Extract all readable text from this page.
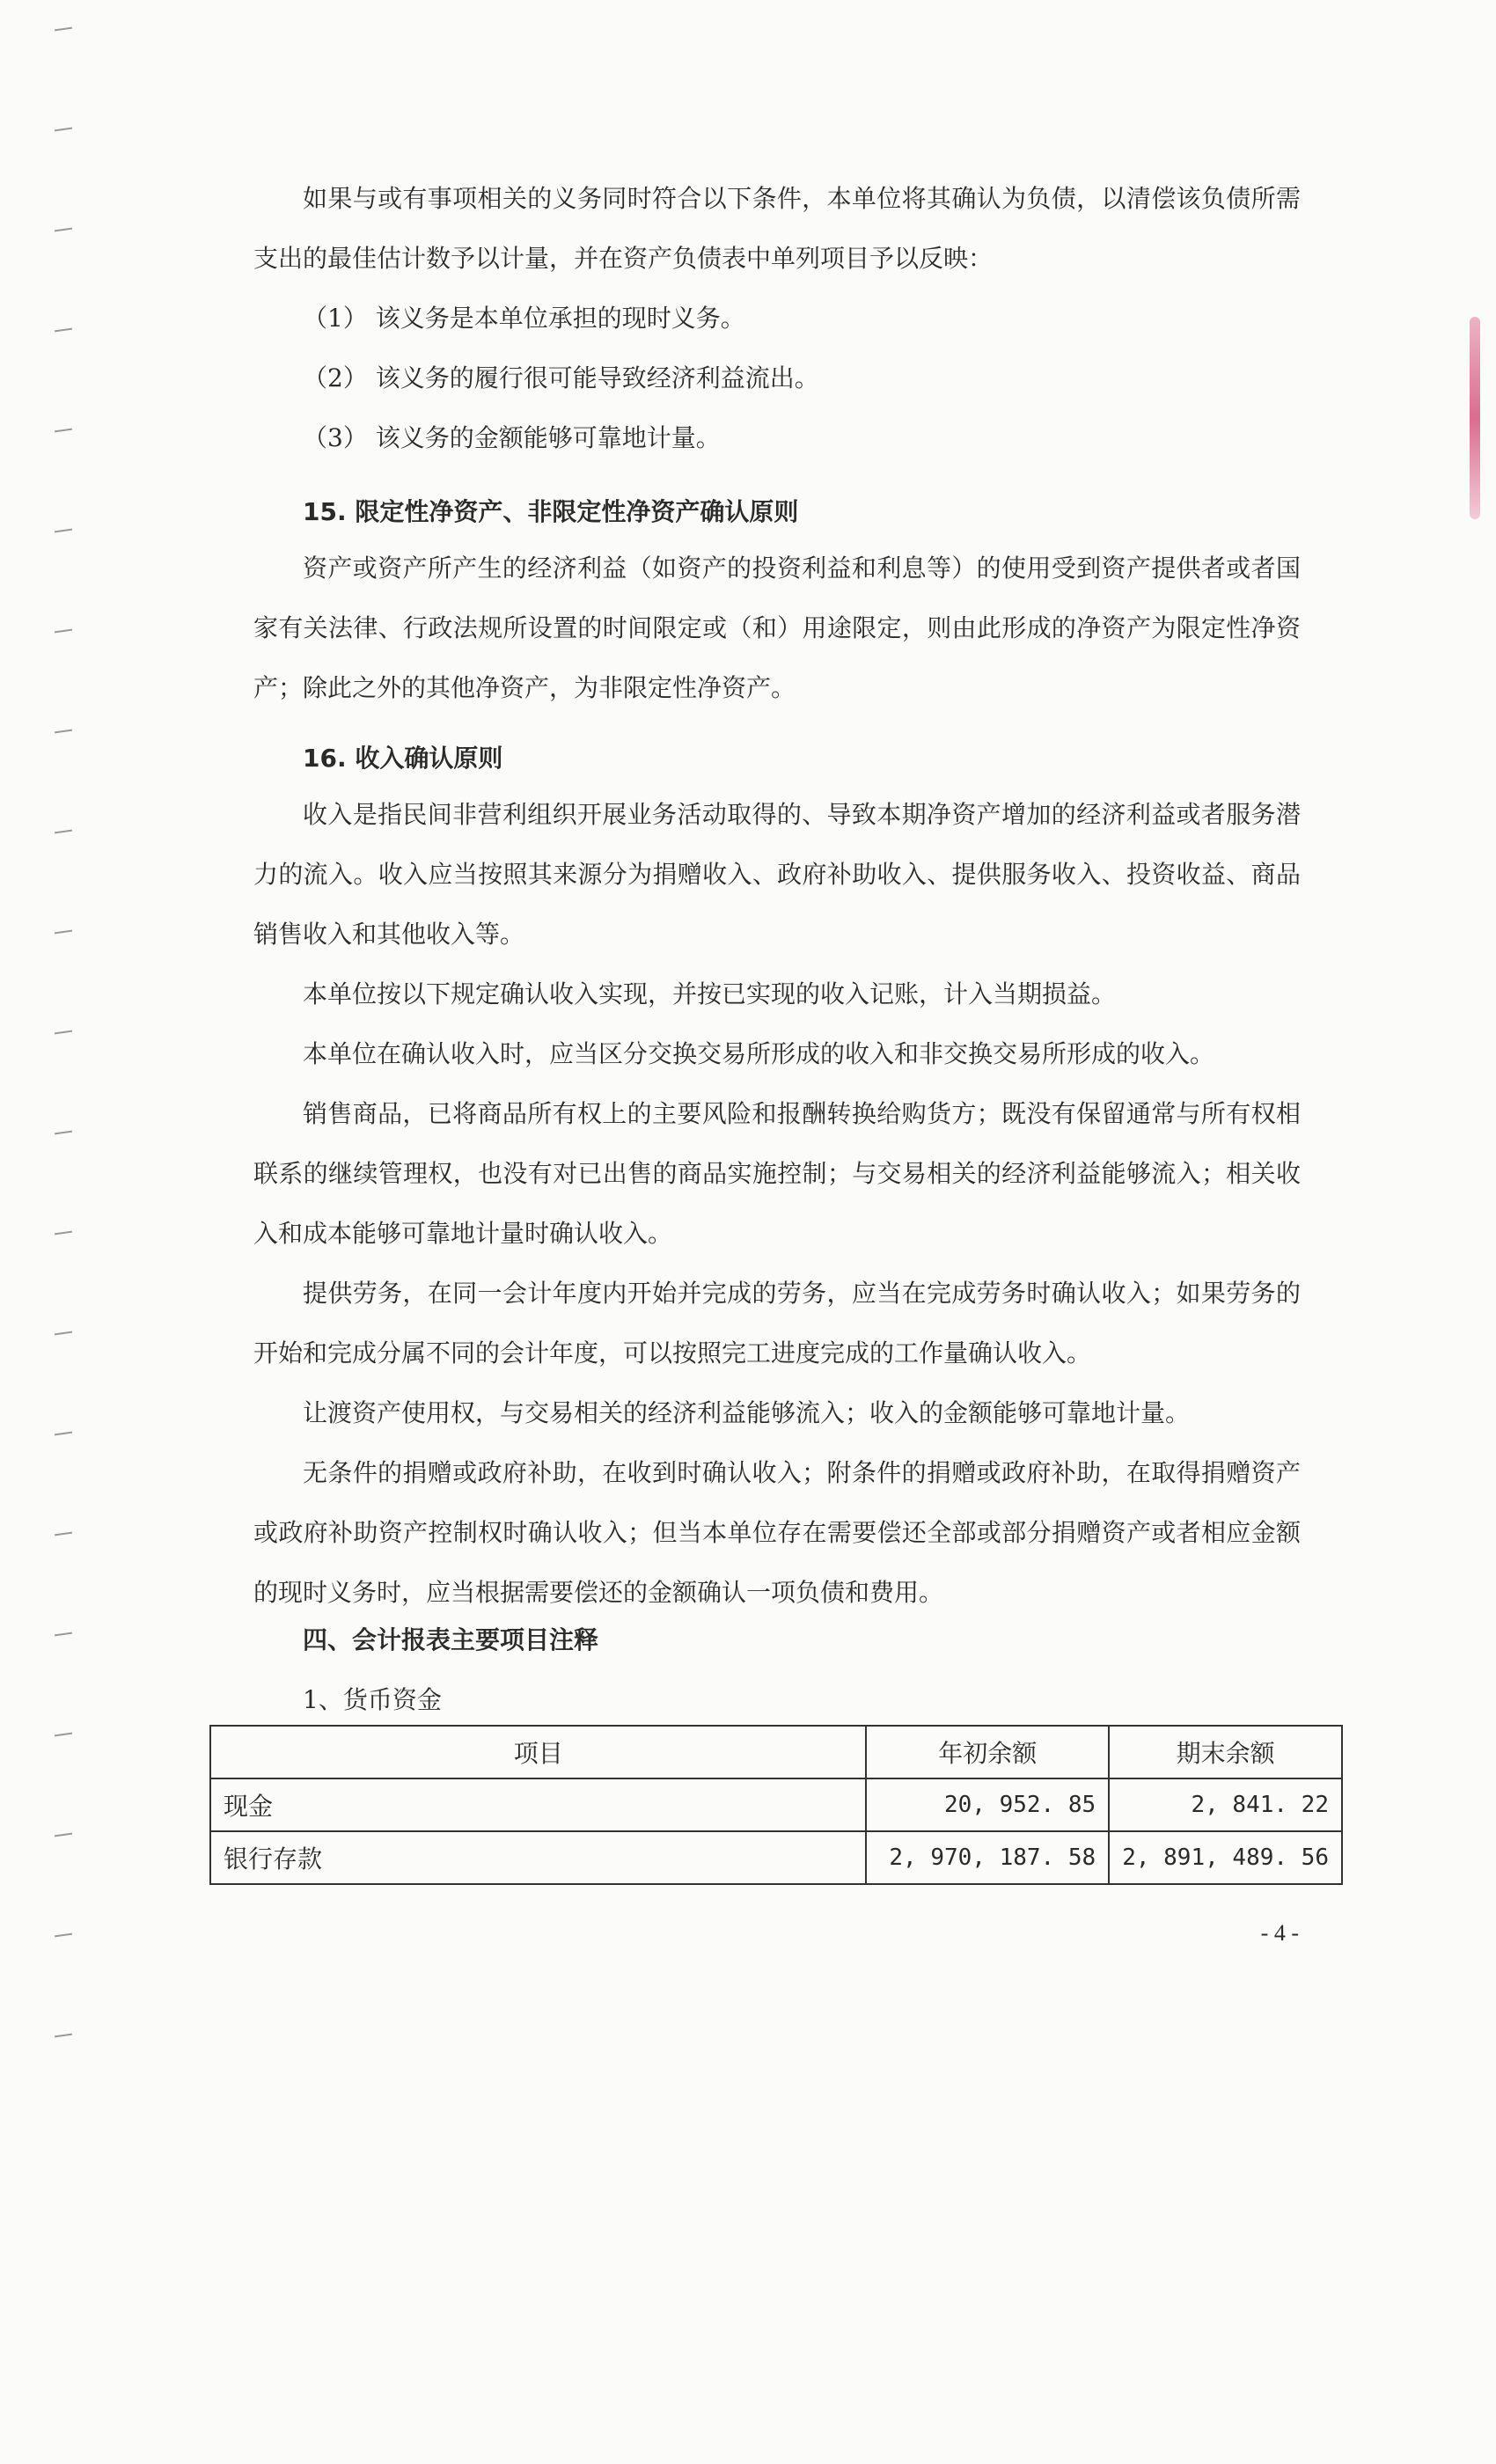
如果与或有事项相关的义务同时符合以下条件，本单位将其确认为负债，以清偿该负债所需支出的最佳估计数予以计量，并在资产负债表中单列项目予以反映：

（1） 该义务是本单位承担的现时义务。

（2） 该义务的履行很可能导致经济利益流出。

（3） 该义务的金额能够可靠地计量。

15. 限定性净资产、非限定性净资产确认原则

资产或资产所产生的经济利益（如资产的投资利益和利息等）的使用受到资产提供者或者国家有关法律、行政法规所设置的时间限定或（和）用途限定，则由此形成的净资产为限定性净资产；除此之外的其他净资产，为非限定性净资产。

16. 收入确认原则

收入是指民间非营利组织开展业务活动取得的、导致本期净资产增加的经济利益或者服务潜力的流入。收入应当按照其来源分为捐赠收入、政府补助收入、提供服务收入、投资收益、商品销售收入和其他收入等。

本单位按以下规定确认收入实现，并按已实现的收入记账，计入当期损益。

本单位在确认收入时，应当区分交换交易所形成的收入和非交换交易所形成的收入。

销售商品，已将商品所有权上的主要风险和报酬转换给购货方；既没有保留通常与所有权相联系的继续管理权，也没有对已出售的商品实施控制；与交易相关的经济利益能够流入；相关收入和成本能够可靠地计量时确认收入。

提供劳务，在同一会计年度内开始并完成的劳务，应当在完成劳务时确认收入；如果劳务的开始和完成分属不同的会计年度，可以按照完工进度完成的工作量确认收入。

让渡资产使用权，与交易相关的经济利益能够流入；收入的金额能够可靠地计量。

无条件的捐赠或政府补助，在收到时确认收入；附条件的捐赠或政府补助，在取得捐赠资产或政府补助资产控制权时确认收入；但当本单位存在需要偿还全部或部分捐赠资产或者相应金额的现时义务时，应当根据需要偿还的金额确认一项负债和费用。

四、会计报表主要项目注释

1、货币资金

项目	年初余额	期末余额
现金	20, 952. 85	2, 841. 22
银行存款	2, 970, 187. 58	2, 891, 489. 56
- 4 -
